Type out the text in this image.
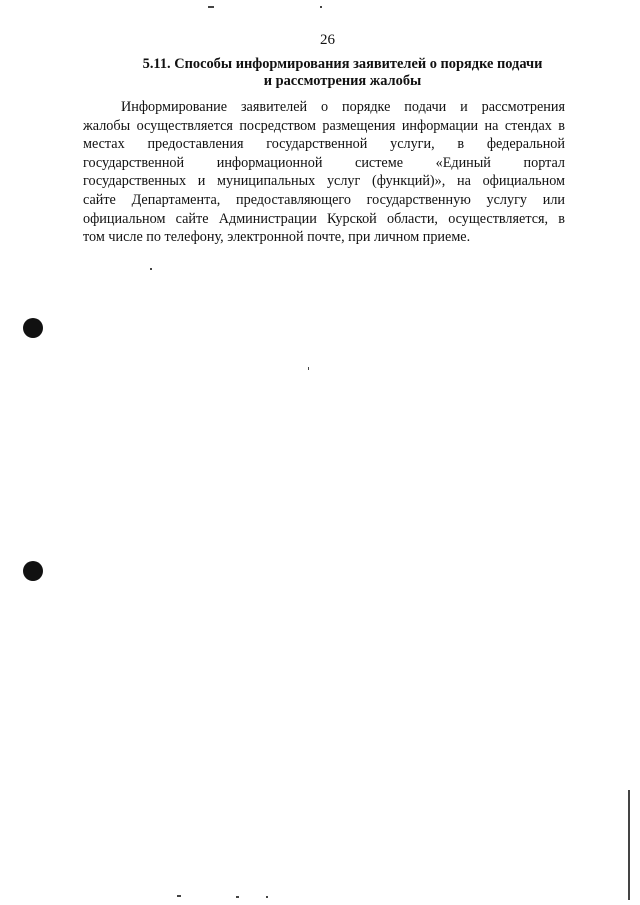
26
5.11. Способы информирования заявителей о порядке подачи
и рассмотрения жалобы
Информирование заявителей о порядке подачи и рассмотрения
жалобы осуществляется посредством размещения информации на стендах в
местах предоставления государственной услуги, в федеральной
государственной информационной системе «Единый портал
государственных и муниципальных услуг (функций)», на официальном
сайте Департамента, предоставляющего государственную услугу или
официальном сайте Администрации Курской области, осуществляется, в
том числе по телефону, электронной почте, при личном приеме.
